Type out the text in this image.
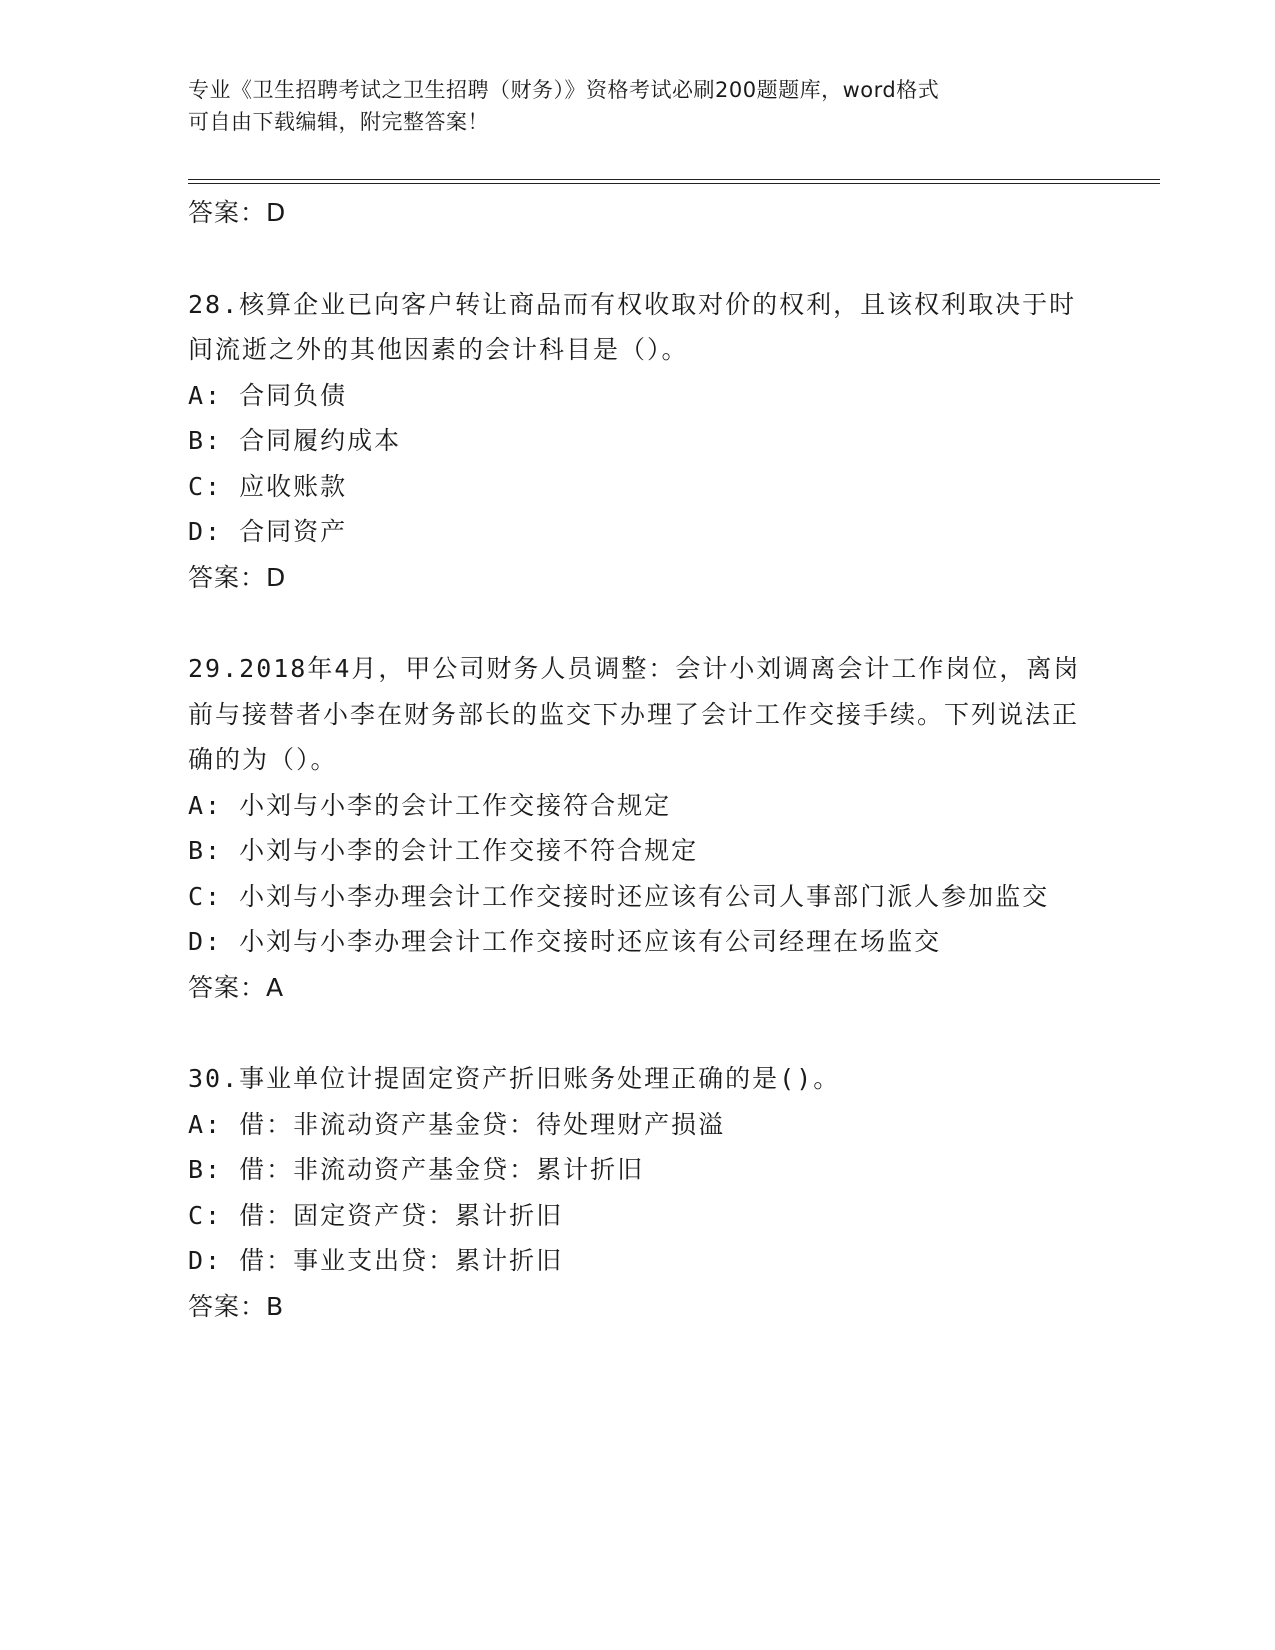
专业《卫生招聘考试之卫生招聘（财务）》资格考试必刷200题题库，word格式
可自由下载编辑，附完整答案！
答案：D
28.核算企业已向客户转让商品而有权收取对价的权利，且该权利取决于时间流逝之外的其他因素的会计科目是（）。
A: 合同负债
B: 合同履约成本
C: 应收账款
D: 合同资产
答案：D
29.2018年4月，甲公司财务人员调整：会计小刘调离会计工作岗位，离岗前与接替者小李在财务部长的监交下办理了会计工作交接手续。下列说法正确的为（）。
A: 小刘与小李的会计工作交接符合规定
B: 小刘与小李的会计工作交接不符合规定
C: 小刘与小李办理会计工作交接时还应该有公司人事部门派人参加监交
D: 小刘与小李办理会计工作交接时还应该有公司经理在场监交
答案：A
30.事业单位计提固定资产折旧账务处理正确的是()。
A: 借：非流动资产基金贷：待处理财产损溢
B: 借：非流动资产基金贷：累计折旧
C: 借：固定资产贷：累计折旧
D: 借：事业支出贷：累计折旧
答案：B
